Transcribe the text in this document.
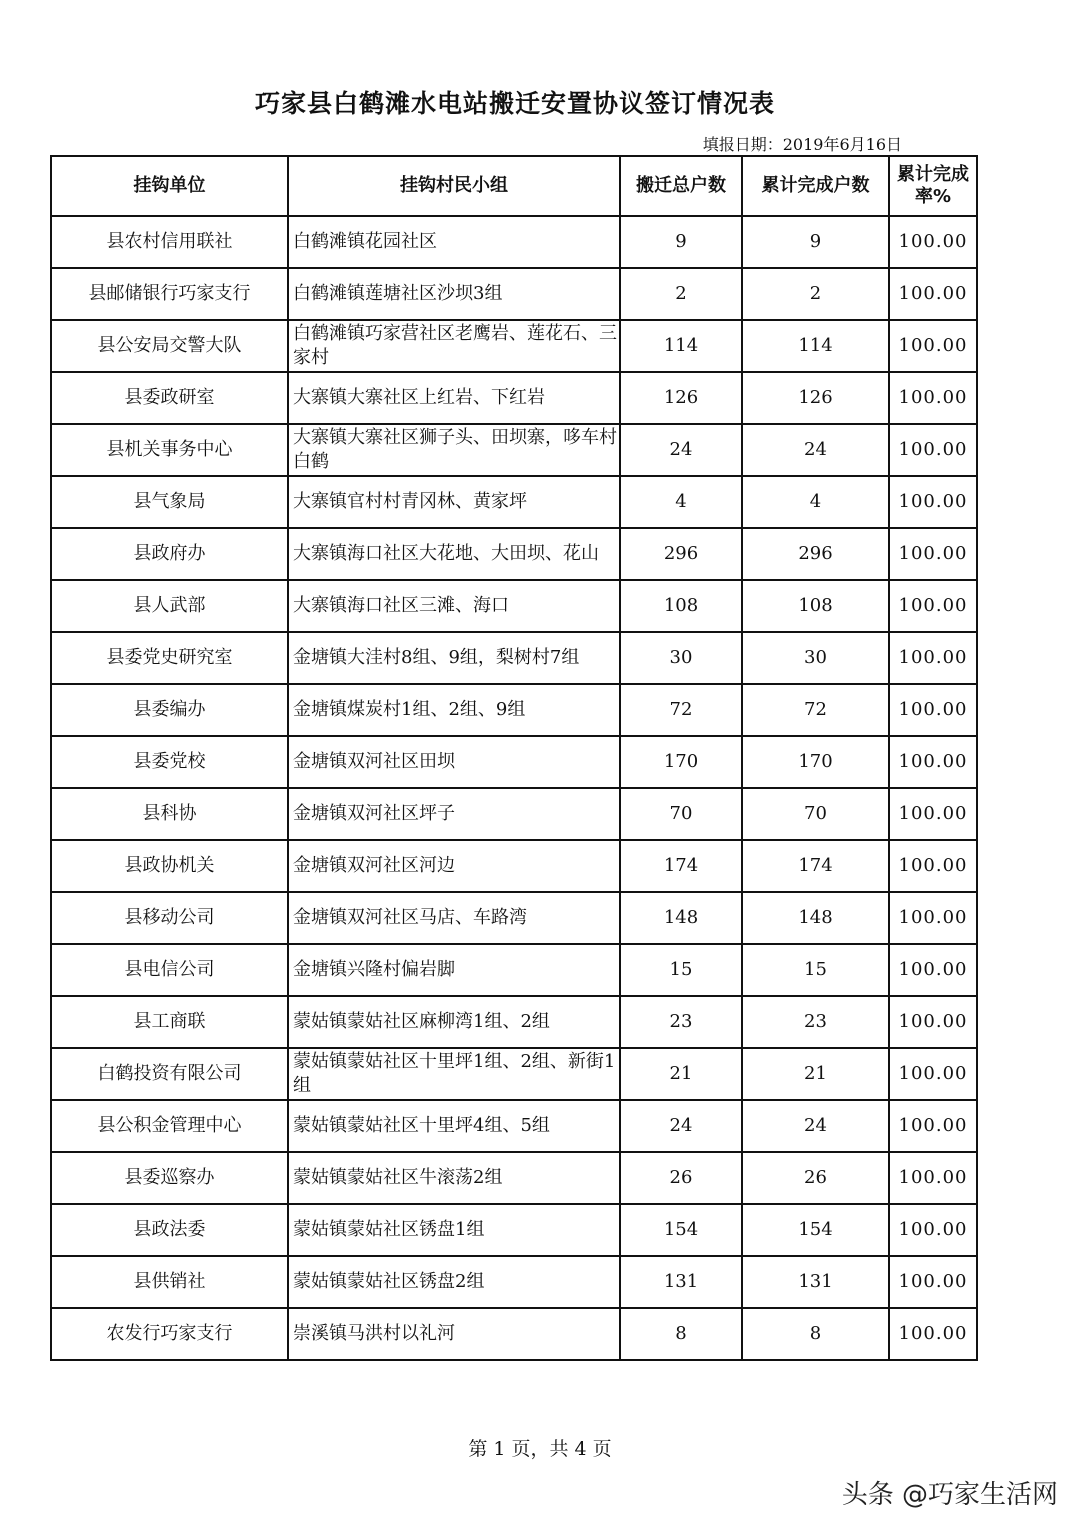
巧家县白鹤滩水电站搬迁安置协议签订情况表
填报日期：2019年6月16日
挂钩单位	挂钩村民小组	搬迁总户数	累计完成户数	累计完成率%
县农村信用联社	白鹤滩镇花园社区	9	9	100.00
县邮储银行巧家支行	白鹤滩镇莲塘社区沙坝3组	2	2	100.00
县公安局交警大队	白鹤滩镇巧家营社区老鹰岩、莲花石、三家村	114	114	100.00
县委政研室	大寨镇大寨社区上红岩、下红岩	126	126	100.00
县机关事务中心	大寨镇大寨社区狮子头、田坝寨，哆车村白鹤	24	24	100.00
县气象局	大寨镇官村村青冈林、黄家坪	4	4	100.00
县政府办	大寨镇海口社区大花地、大田坝、花山	296	296	100.00
县人武部	大寨镇海口社区三滩、海口	108	108	100.00
县委党史研究室	金塘镇大洼村8组、9组，梨树村7组	30	30	100.00
县委编办	金塘镇煤炭村1组、2组、9组	72	72	100.00
县委党校	金塘镇双河社区田坝	170	170	100.00
县科协	金塘镇双河社区坪子	70	70	100.00
县政协机关	金塘镇双河社区河边	174	174	100.00
县移动公司	金塘镇双河社区马店、车路湾	148	148	100.00
县电信公司	金塘镇兴隆村偏岩脚	15	15	100.00
县工商联	蒙姑镇蒙姑社区麻柳湾1组、2组	23	23	100.00
白鹤投资有限公司	蒙姑镇蒙姑社区十里坪1组、2组、新街1组	21	21	100.00
县公积金管理中心	蒙姑镇蒙姑社区十里坪4组、5组	24	24	100.00
县委巡察办	蒙姑镇蒙姑社区牛滚荡2组	26	26	100.00
县政法委	蒙姑镇蒙姑社区锈盘1组	154	154	100.00
县供销社	蒙姑镇蒙姑社区锈盘2组	131	131	100.00
农发行巧家支行	崇溪镇马洪村以礼河	8	8	100.00
第 1 页，共 4 页
头条 @巧家生活网
